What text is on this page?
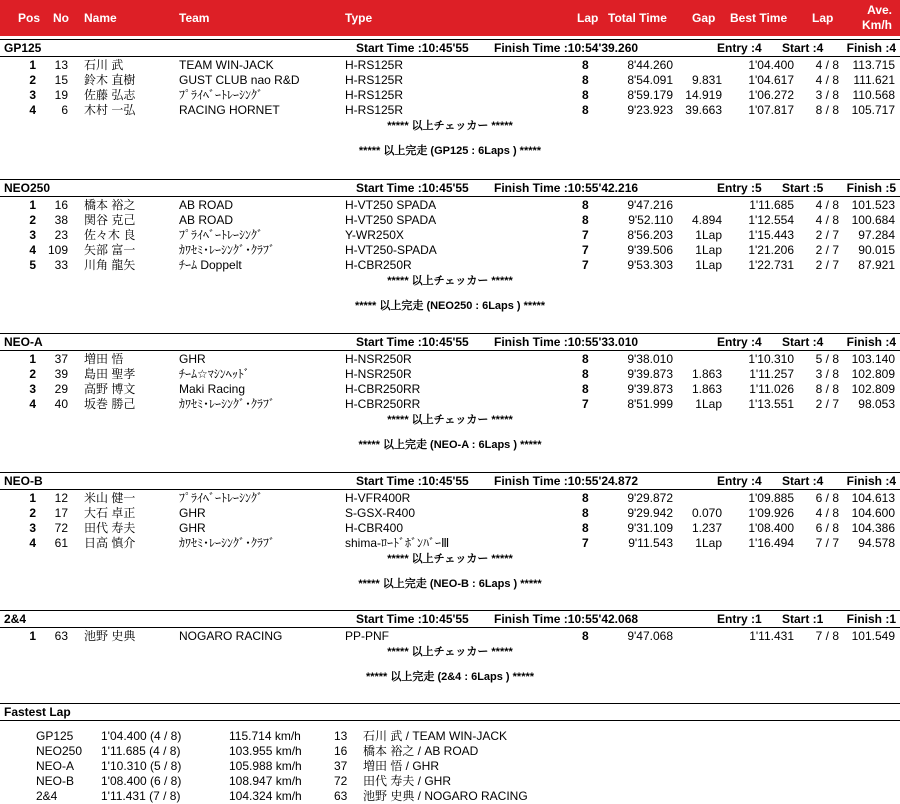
Pos No Name	Team	Type	Lap Total Time Gap Best Time Lap
Ave.
Km/h
GP125	Start Time :10:45'55 Finish Time :10:54'39.260	Entry :4 Start :4 Finish :4
1 13 石川 武	TEAM WIN-JACK	H-RS125R	8	8'44.260	1'04.400 4 / 8 113.715
2 15 鈴木 直樹	GUST CLUB nao R&D	H-RS125R	8	8'54.091 9.831 1'04.617 4 / 8 111.621
3 19 佐藤 弘志	ﾌﾟﾗｲﾍﾞｰﾄﾚｰｼﾝｸﾞ	H-RS125R	8	8'59.179 14.919 1'06.272 3 / 8 110.568
4 6 木村 一弘	RACING HORNET	H-RS125R	8	9'23.923 39.663 1'07.817 8 / 8 105.717
***** 以上チェッカー *****
***** 以上完走 (GP125 : 6Laps ) *****
NEO250	Start Time :10:45'55 Finish Time :10:55'42.216	Entry :5 Start :5 Finish :5
1 16 橋本 裕之	AB ROAD	H-VT250 SPADA	8	9'47.216	1'11.685 4 / 8 101.523
2 38 関谷 克己	AB ROAD	H-VT250 SPADA	8	9'52.110 4.894 1'12.554 4 / 8 100.684
3 23 佐々木 良	ﾌﾟﾗｲﾍﾞｰﾄﾚｰｼﾝｸﾞ	Y-WR250X	7	8'56.203 1Lap 1'15.443 2 / 7 97.284
4 109 矢部 富一	ｶﾜｾﾐ･ﾚｰｼﾝｸﾞ･ｸﾗﾌﾞ	H-VT250-SPADA	7	9'39.506 1Lap 1'21.206 2 / 7 90.015
5 33 川角 龍矢	ﾁｰﾑ Doppelt	H-CBR250R	7	9'53.303 1Lap 1'22.731 2 / 7 87.921
***** 以上チェッカー *****
***** 以上完走 (NEO250 : 6Laps ) *****
NEO-A	Start Time :10:45'55 Finish Time :10:55'33.010	Entry :4 Start :4 Finish :4
1 37 増田 悟	GHR	H-NSR250R	8	9'38.010	1'10.310 5 / 8 103.140
2 39 島田 聖孝	ﾁｰﾑ☆ﾏｼﾝﾍｯﾄﾞ	H-NSR250R	8	9'39.873 1.863 1'11.257 3 / 8 102.809
3 29 高野 博文	Maki Racing	H-CBR250RR	8	9'39.873 1.863 1'11.026 8 / 8 102.809
4 40 坂巻 勝己	ｶﾜｾﾐ･ﾚｰｼﾝｸﾞ･ｸﾗﾌﾞ	H-CBR250RR	7	8'51.999 1Lap 1'13.551 2 / 7 98.053
***** 以上チェッカー *****
***** 以上完走 (NEO-A : 6Laps ) *****
NEO-B	Start Time :10:45'55 Finish Time :10:55'24.872	Entry :4 Start :4 Finish :4
1 12 米山 健一	ﾌﾟﾗｲﾍﾞｰﾄﾚｰｼﾝｸﾞ	H-VFR400R	8	9'29.872	1'09.885 6 / 8 104.613
2 17 大石 卓正	GHR	S-GSX-R400	8	9'29.942 0.070 1'09.926 4 / 8 104.600
3 72 田代 寿夫	GHR	H-CBR400	8	9'31.109 1.237 1'08.400 6 / 8 104.386
4 61 日高 慎介	ｶﾜｾﾐ･ﾚｰｼﾝｸﾞ･ｸﾗﾌﾞ	shima-ﾛｰﾄﾞﾎﾞﾝﾊﾞｰⅢ	7	9'11.543 1Lap 1'16.494 7 / 7 94.578
***** 以上チェッカー *****
***** 以上完走 (NEO-B : 6Laps ) *****
2&4	Start Time :10:45'55 Finish Time :10:55'42.068	Entry :1 Start :1 Finish :1
1 63 池野 史典	NOGARO RACING	PP-PNF	8	9'47.068	1'11.431 7 / 8 101.549
***** 以上チェッカー *****
***** 以上完走 (2&4 : 6Laps ) *****
Fastest Lap
GP125 1'04.400 (4 / 8)	115.714 km/h	13 石川 武 / TEAM WIN-JACK
NEO250 1'11.685 (4 / 8)	103.955 km/h	16 橋本 裕之 / AB ROAD
NEO-A 1'10.310 (5 / 8)	105.988 km/h	37 増田 悟 / GHR
NEO-B 1'08.400 (6 / 8)	108.947 km/h	72 田代 寿夫 / GHR
2&4	1'11.431 (7 / 8)	104.324 km/h	63 池野 史典 / NOGARO RACING
